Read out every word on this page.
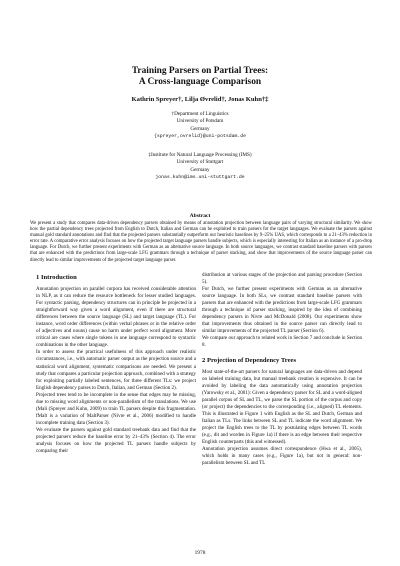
Training Parsers on Partial Trees:
A Cross-language Comparison
Kathrin Spreyer†, Lilja Øvrelid†, Jonas Kuhn†‡
†Department of Linguistics
University of Potsdam
Germany
{spreyer,ovrelid}@uni-potsdam.de
‡Institute for Natural Language Processing (IMS)
University of Stuttgart
Germany
jonas.kuhn@ims.uni-stuttgart.de
Abstract

We present a study that compares data-driven dependency parsers obtained by means of annotation projection between language pairs of varying structural similarity. We show how the partial dependency trees projected from English to Dutch, Italian and German can be exploited to train parsers for the target languages. We evaluate the parsers against manual gold standard annotations and find that the projected parsers substantially outperform our heuristic baselines by 9–25% UAS, which corresponds to a 21–43% reduction in error rate. A comparative error analysis focuses on how the projected target language parsers handle subjects, which is especially interesting for Italian as an instance of a pro-drop language. For Dutch, we further present experiments with German as an alternative source language. In both source languages, we contrast standard baseline parsers with parsers that are enhanced with the predictions from large-scale LFG grammars through a technique of parser stacking, and show that improvements of the source language parser can directly lead to similar improvements of the projected target language parser.

1 Introduction

Annotation projection on parallel corpora has received considerable attention in NLP, as it can reduce the resource bottleneck for lesser studied languages. For syntactic parsing, dependency structures can in principle be projected in a straightforward way given a word alignment, even if there are structural differences between the source language (SL) and target language (TL). For instance, word order differences (within verbal phrases or in the relative order of adjectives and nouns) cause no harm under perfect word alignment. More critical are cases where single tokens in one language correspond to syntactic combinations in the other language.

In order to assess the practical usefulness of this approach under realistic circumstances, i.e., with automatic parser output as the projection source and a statistical word alignment, systematic comparisons are needed. We present a study that compares a particular projection approach, combined with a strategy for exploiting partially labeled sentences, for three different TLs: we project English dependency parses to Dutch, Italian, and German (Section 2).

Projected trees tend to be incomplete in the sense that edges may be missing, due to missing word alignments or non-parallelism of the translations. We use (Mali (Spreyer and Kuhn, 2009) to train TL parsers despite this fragmentation. fMalt is a variation of MaltParser (Nivre et al., 2006) modified to handle incomplete training data (Section 3).

We evaluate the parsers against gold standard treebank data and find that the projected parsers reduce the baseline error by 21–43% (Section 4). The error analysis focuses on how the projected TL parsers handle subjects by comparing their

distribution at various stages of the projection and parsing procedure (Section 5).

For Dutch, we further present experiments with German as an alternative source language. In both SLs, we contrast standard baseline parsers with parsers that are enhanced with the predictions from large-scale LFG grammars through a technique of parser stacking, inspired by the idea of combining dependency parsers in Nivre and McDonald (2008). Our experiments show that improvements thus obtained in the source parser can directly lead to similar improvements of the projected TL parser (Section 6).

We compare our approach to related work in Section 7 and conclude in Section 8.

2 Projection of Dependency Trees

Most state-of-the-art parsers for natural languages are data-driven and depend on labeled training data, but manual treebank creation is expensive. It can be avoided by labeling the data automatically using annotation projection (Yarowsky et al., 2001): Given a dependency parser for SL and a word-aligned parallel corpus of SL and TL, we parse the SL portion of the corpus and copy (or project) the dependencies to the corresponding (i.e., aligned) TL elements. This is illustrated in Figure 1 with English as the SL and Dutch, German and Italian as TLs. The links between SL and TL indicate the word alignment. We project the English trees to the TL by postulating edges between TL words (e.g., dit and worden in Figure 1a) if there is an edge between their respective English counterparts (this and witnessed).

Annotation projection assumes direct correspondence (Hwa et al., 2005), which holds in many cases (e.g., Figure 1a), but not in general: non-parallelism between SL and TL

1978
